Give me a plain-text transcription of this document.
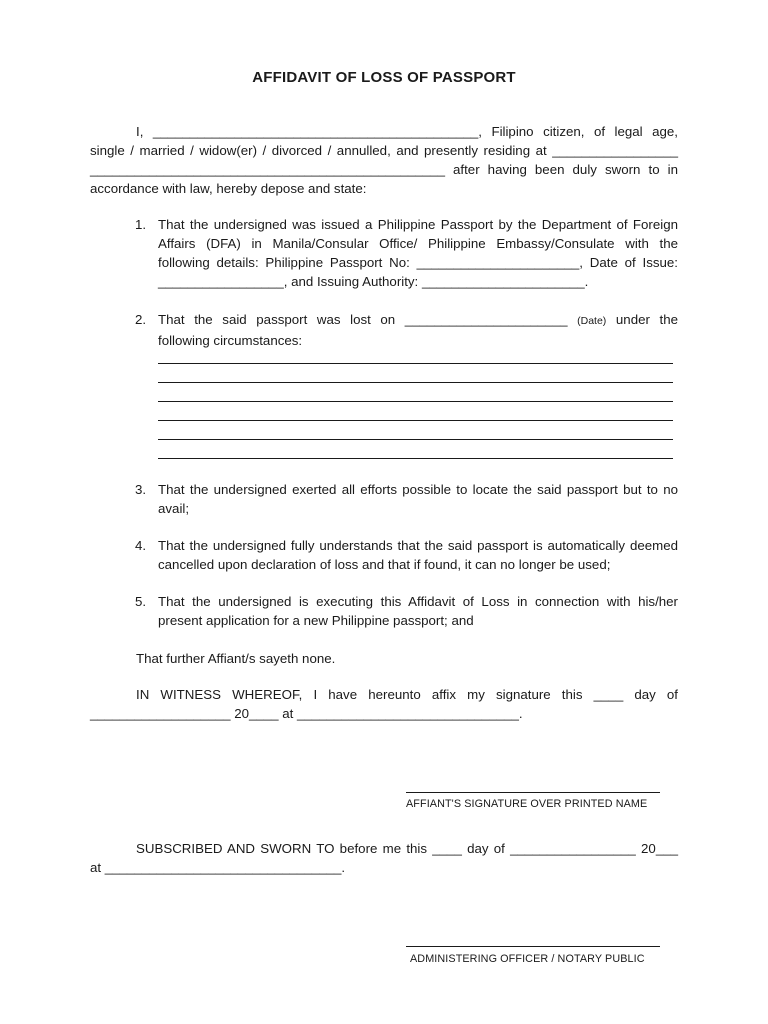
AFFIDAVIT OF LOSS OF PASSPORT
I, ____________________________________________, Filipino citizen, of legal age,
single / married / widow(er) / divorced / annulled, and presently residing at _________________
________________________________________________ after having been duly sworn to in
accordance with law, hereby depose and state:
1. That the undersigned was issued a Philippine Passport by the Department of Foreign
Affairs (DFA) in Manila/Consular Office/ Philippine Embassy/Consulate with the
following details: Philippine Passport No: ______________________, Date of Issue:
_________________, and Issuing Authority: ______________________.
2. That the said passport was lost on ______________________ (Date) under the
following circumstances:
3. That the undersigned exerted all efforts possible to locate the said passport but to no
avail;
4. That the undersigned fully understands that the said passport is automatically deemed
cancelled upon declaration of loss and that if found, it can no longer be used;
5. That the undersigned is executing this Affidavit of Loss in connection with his/her
present application for a new Philippine passport; and
That further Affiant/s sayeth none.
IN WITNESS WHEREOF, I have hereunto affix my signature this ____ day of
___________________ 20____ at ______________________________.
AFFIANT'S SIGNATURE OVER PRINTED NAME
SUBSCRIBED AND SWORN TO before me this ____ day of _________________ 20___
at ________________________________.
ADMINISTERING OFFICER / NOTARY PUBLIC
